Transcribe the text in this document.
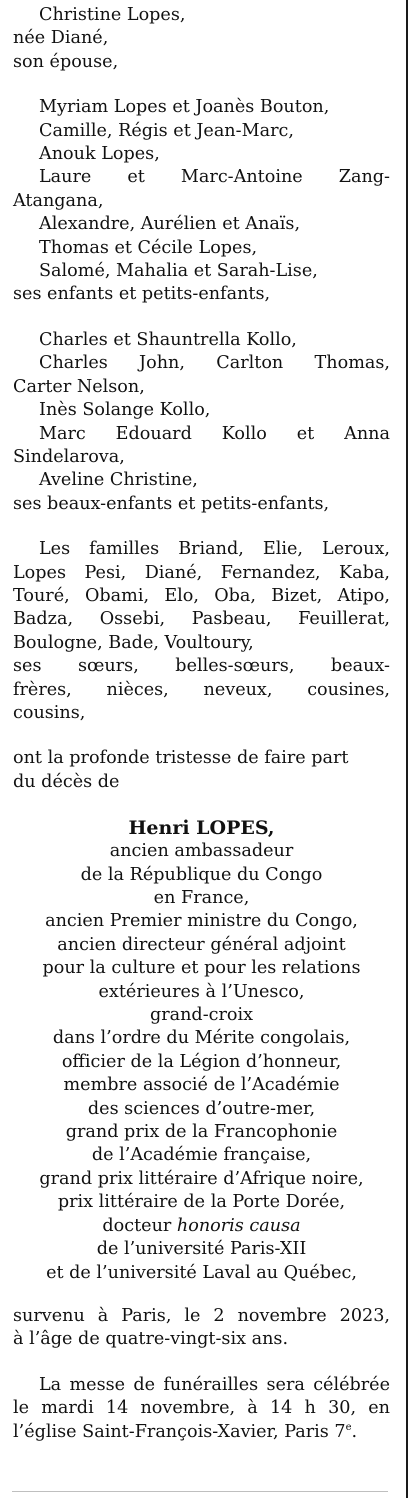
Christine Lopes,
née Diané,
son épouse,
Myriam Lopes et Joanès Bouton,
Camille, Régis et Jean-Marc,
Anouk Lopes,
Laure et Marc-Antoine Zang-
Atangana,
Alexandre, Aurélien et Anaïs,
Thomas et Cécile Lopes,
Salomé, Mahalia et Sarah-Lise,
ses enfants et petits-enfants,
Charles et Shauntrella Kollo,
Charles John, Carlton Thomas,
Carter Nelson,
Inès Solange Kollo,
Marc Edouard Kollo et Anna
Sindelarova,
Aveline Christine,
ses beaux-enfants et petits-enfants,
Les familles Briand, Elie, Leroux,
Lopes Pesi, Diané, Fernandez, Kaba,
Touré, Obami, Elo, Oba, Bizet, Atipo,
Badza, Ossebi, Pasbeau, Feuillerat,
Boulogne, Bade, Voultoury,
ses sœurs, belles-sœurs, beaux-
frères, nièces, neveux, cousines,
cousins,
ont la profonde tristesse de faire part
du décès de
Henri LOPES,
ancien ambassadeur
de la République du Congo
en France,
ancien Premier ministre du Congo,
ancien directeur général adjoint
pour la culture et pour les relations
extérieures à l’Unesco,
grand-croix
dans l’ordre du Mérite congolais,
officier de la Légion d’honneur,
membre associé de l’Académie
des sciences d’outre-mer,
grand prix de la Francophonie
de l’Académie française,
grand prix littéraire d’Afrique noire,
prix littéraire de la Porte Dorée,
docteur honoris causa
de l’université Paris-XII
et de l’université Laval au Québec,
survenu à Paris, le 2 novembre 2023,
à l’âge de quatre-vingt-six ans.
La messe de funérailles sera célébrée le mardi 14 novembre, à 14 h 30, en l’église Saint-François-Xavier, Paris 7e.
